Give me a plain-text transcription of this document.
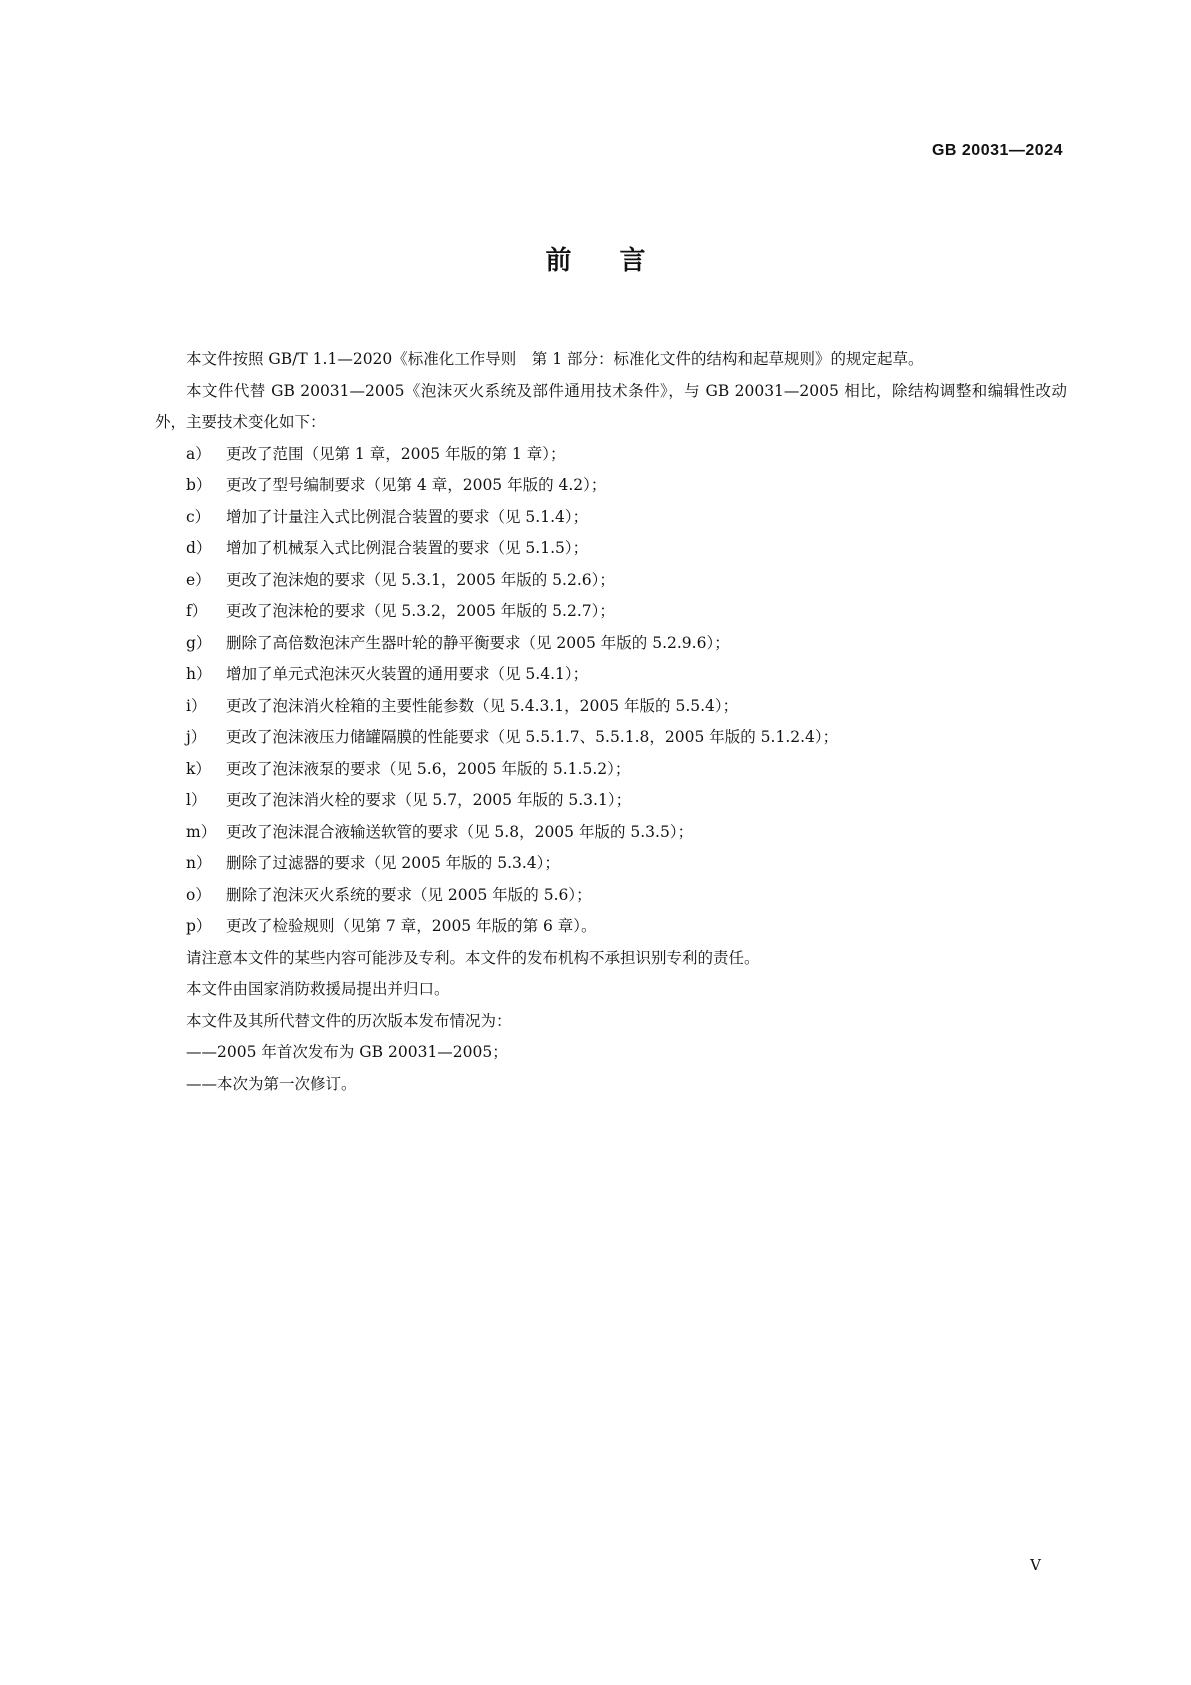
GB 20031—2024
前 言

本文件按照 GB/T 1.1—2020《标准化工作导则　第 1 部分：标准化文件的结构和起草规则》的规定起草。

本文件代替 GB 20031—2005《泡沫灭火系统及部件通用技术条件》，与 GB 20031—2005 相比，除结构调整和编辑性改动外，主要技术变化如下：

a） 更改了范围（见第 1 章，2005 年版的第 1 章）；

b） 更改了型号编制要求（见第 4 章，2005 年版的 4.2）；

c） 增加了计量注入式比例混合装置的要求（见 5.1.4）；

d） 增加了机械泵入式比例混合装置的要求（见 5.1.5）；

e） 更改了泡沫炮的要求（见 5.3.1，2005 年版的 5.2.6）；

f） 更改了泡沫枪的要求（见 5.3.2，2005 年版的 5.2.7）；

g） 删除了高倍数泡沫产生器叶轮的静平衡要求（见 2005 年版的 5.2.9.6）；

h） 增加了单元式泡沫灭火装置的通用要求（见 5.4.1）；

i） 更改了泡沫消火栓箱的主要性能参数（见 5.4.3.1，2005 年版的 5.5.4）；

j） 更改了泡沫液压力储罐隔膜的性能要求（见 5.5.1.7、5.5.1.8，2005 年版的 5.1.2.4）；

k） 更改了泡沫液泵的要求（见 5.6，2005 年版的 5.1.5.2）；

l） 更改了泡沫消火栓的要求（见 5.7，2005 年版的 5.3.1）；

m） 更改了泡沫混合液输送软管的要求（见 5.8，2005 年版的 5.3.5）；

n） 删除了过滤器的要求（见 2005 年版的 5.3.4）；

o） 删除了泡沫灭火系统的要求（见 2005 年版的 5.6）；

p） 更改了检验规则（见第 7 章，2005 年版的第 6 章）。

请注意本文件的某些内容可能涉及专利。本文件的发布机构不承担识别专利的责任。

本文件由国家消防救援局提出并归口。

本文件及其所代替文件的历次版本发布情况为：

——2005 年首次发布为 GB 20031—2005；

——本次为第一次修订。

V
